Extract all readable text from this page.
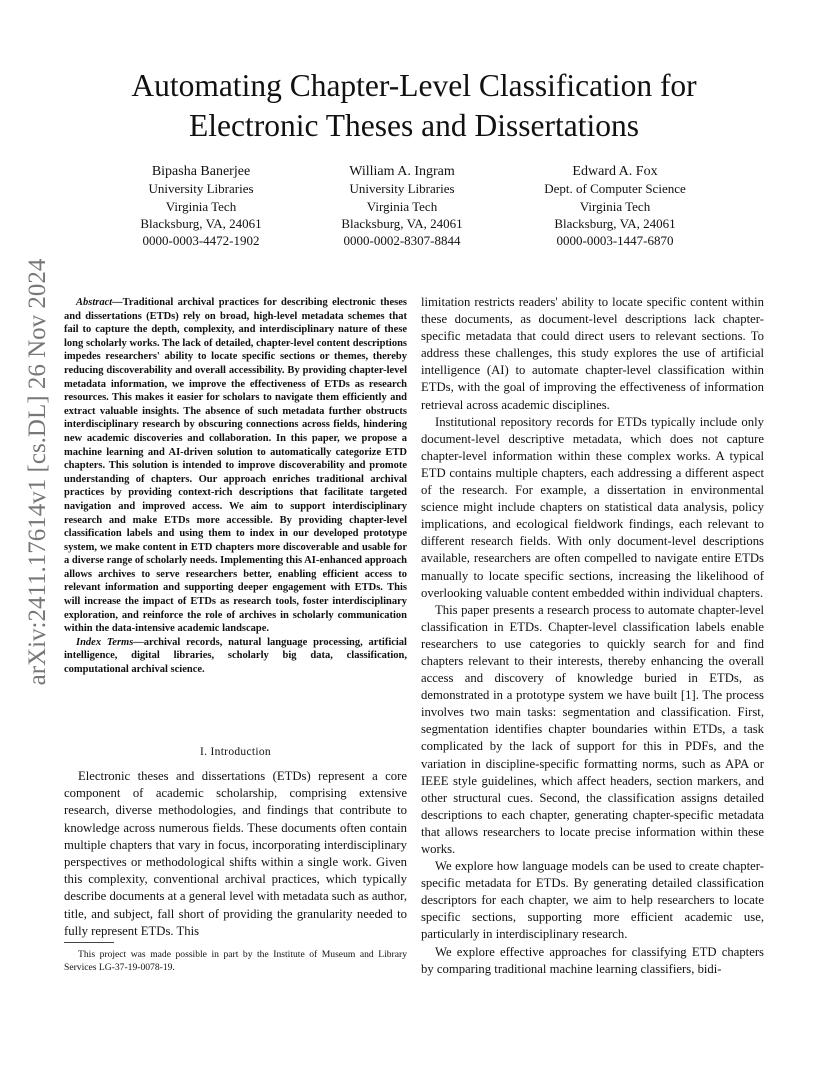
arXiv:2411.17614v1 [cs.DL] 26 Nov 2024
Automating Chapter-Level Classification for
Electronic Theses and Dissertations
Bipasha Banerjee
University Libraries
Virginia Tech
Blacksburg, VA, 24061
0000-0003-4472-1902
William A. Ingram
University Libraries
Virginia Tech
Blacksburg, VA, 24061
0000-0002-8307-8844
Edward A. Fox
Dept. of Computer Science
Virginia Tech
Blacksburg, VA, 24061
0000-0003-1447-6870

Abstract—Traditional archival practices for describing electronic theses and dissertations (ETDs) rely on broad, high-level metadata schemes that fail to capture the depth, complexity, and interdisciplinary nature of these long scholarly works. The lack of detailed, chapter-level content descriptions impedes researchers' ability to locate specific sections or themes, thereby reducing discoverability and overall accessibility. By providing chapter-level metadata information, we improve the effectiveness of ETDs as research resources. This makes it easier for scholars to navigate them efficiently and extract valuable insights. The absence of such metadata further obstructs interdisciplinary research by obscuring connections across fields, hindering new academic discoveries and collaboration. In this paper, we propose a machine learning and AI-driven solution to automatically categorize ETD chapters. This solution is intended to improve discoverability and promote understanding of chapters. Our approach enriches traditional archival practices by providing context-rich descriptions that facilitate targeted navigation and improved access. We aim to support interdisciplinary research and make ETDs more accessible. By providing chapter-level classification labels and using them to index in our developed prototype system, we make content in ETD chapters more discoverable and usable for a diverse range of scholarly needs. Implementing this AI-enhanced approach allows archives to serve researchers better, enabling efficient access to relevant information and supporting deeper engagement with ETDs. This will increase the impact of ETDs as research tools, foster interdisciplinary exploration, and reinforce the role of archives in scholarly communication within the data-intensive academic landscape.

Index Terms—archival records, natural language processing, artificial intelligence, digital libraries, scholarly big data, classification, computational archival science.

I. Introduction

Electronic theses and dissertations (ETDs) represent a core component of academic scholarship, comprising extensive research, diverse methodologies, and findings that contribute to knowledge across numerous fields. These documents often contain multiple chapters that vary in focus, incorporating interdisciplinary perspectives or methodological shifts within a single work. Given this complexity, conventional archival practices, which typically describe documents at a general level with metadata such as author, title, and subject, fall short of providing the granularity needed to fully represent ETDs. This

This project was made possible in part by the Institute of Museum and Library Services LG-37-19-0078-19.

limitation restricts readers' ability to locate specific content within these documents, as document-level descriptions lack chapter-specific metadata that could direct users to relevant sections. To address these challenges, this study explores the use of artificial intelligence (AI) to automate chapter-level classification within ETDs, with the goal of improving the effectiveness of information retrieval across academic disciplines.

Institutional repository records for ETDs typically include only document-level descriptive metadata, which does not capture chapter-level information within these complex works. A typical ETD contains multiple chapters, each addressing a different aspect of the research. For example, a dissertation in environmental science might include chapters on statistical data analysis, policy implications, and ecological fieldwork findings, each relevant to different research fields. With only document-level descriptions available, researchers are often compelled to navigate entire ETDs manually to locate specific sections, increasing the likelihood of overlooking valuable content embedded within individual chapters.

This paper presents a research process to automate chapter-level classification in ETDs. Chapter-level classification labels enable researchers to use categories to quickly search for and find chapters relevant to their interests, thereby enhancing the overall access and discovery of knowledge buried in ETDs, as demonstrated in a prototype system we have built [1]. The process involves two main tasks: segmentation and classification. First, segmentation identifies chapter boundaries within ETDs, a task complicated by the lack of support for this in PDFs, and the variation in discipline-specific formatting norms, such as APA or IEEE style guidelines, which affect headers, section markers, and other structural cues. Second, the classification assigns detailed descriptions to each chapter, generating chapter-specific metadata that allows researchers to locate precise information within these works.

We explore how language models can be used to create chapter-specific metadata for ETDs. By generating detailed classification descriptors for each chapter, we aim to help researchers to locate specific sections, supporting more efficient academic use, particularly in interdisciplinary research.

We explore effective approaches for classifying ETD chapters by comparing traditional machine learning classifiers, bidi-
